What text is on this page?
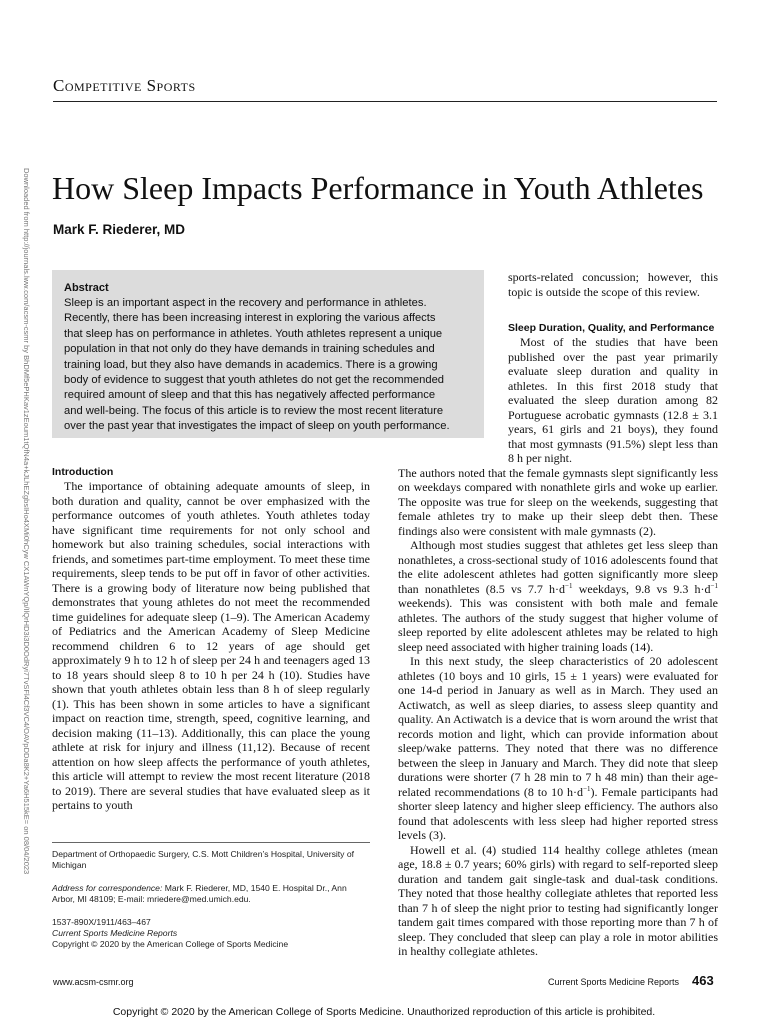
Competitive Sports
Downloaded from http://journals.lww.com/acsm-csmr by BhDMf5ePHKav1zEoum1tQfN4a+kJLhEZgbsIHo4XMi0hCyw CX1AWnYQp/IlQrHD3i3D0OdRyi7TvSFl4Cf3VC4/OAVpDDa8K2+Ya6H515kE= on 08/04/2023 How Sleep Impacts Performance in Youth Athletes
Mark F. Riederer, MD
Abstract
Sleep is an important aspect in the recovery and performance in athletes.
Recently, there has been increasing interest in exploring the various affects
that sleep has on performance in athletes. Youth athletes represent a unique
population in that not only do they have demands in training schedules and
training load, but they also have demands in academics. There is a growing
body of evidence to suggest that youth athletes do not get the recommended
required amount of sleep and that this has negatively affected performance
and well-being. The focus of this article is to review the most recent literature
over the past year that investigates the impact of sleep on youth performance.
Introduction

The importance of obtaining adequate amounts of sleep, in both duration and quality, cannot be over emphasized with the performance outcomes of youth athletes. Youth athletes today have significant time requirements for not only school and homework but also training schedules, social interactions with friends, and sometimes part-time employment. To meet these time requirements, sleep tends to be put off in favor of other activities. There is a growing body of literature now being published that demonstrates that young athletes do not meet the recommended time guidelines for adequate sleep (1–9). The American Academy of Pediatrics and the American Academy of Sleep Medicine recommend children 6 to 12 years of age should get approximately 9 h to 12 h of sleep per 24 h and teenagers aged 13 to 18 years should sleep 8 to 10 h per 24 h (10). Studies have shown that youth athletes obtain less than 8 h of sleep regularly (1). This has been shown in some articles to have a significant impact on reaction time, strength, speed, cognitive learning, and decision making (11–13). Additionally, this can place the young athlete at risk for injury and illness (11,12). Because of recent attention on how sleep affects the performance of youth athletes, this article will attempt to review the most recent literature (2018 to 2019). There are several studies that have evaluated sleep as it pertains to youth

Department of Orthopaedic Surgery, C.S. Mott Children’s Hospital, University of Michigan
Address for correspondence: Mark F. Riederer, MD, 1540 E. Hospital Dr., Ann Arbor, MI 48109; E-mail: mriedere@med.umich.edu.
1537-890X/1911/463–467
Current Sports Medicine Reports
Copyright © 2020 by the American College of Sports Medicine

sports-related concussion; however, this topic is outside the scope of this review.

Sleep Duration, Quality, and Performance

Most of the studies that have been published over the past year primarily evaluate sleep duration and quality in athletes. In this first 2018 study that evaluated the sleep duration among 82 Portuguese acrobatic gymnasts (12.8 ± 3.1 years, 61 girls and 21 boys), they found that most gymnasts (91.5%) slept less than 8 h per night.

The authors noted that the female gymnasts slept significantly less on weekdays compared with nonathlete girls and woke up earlier. The opposite was true for sleep on the weekends, suggesting that female athletes try to make up their sleep debt then. These findings also were consistent with male gymnasts (2).

Although most studies suggest that athletes get less sleep than nonathletes, a cross-sectional study of 1016 adolescents found that the elite adolescent athletes had gotten significantly more sleep than nonathletes (8.5 vs 7.7 $h\cdot d^{-1}$ weekdays, 9.8 vs 9.3 $h\cdot d^{-1}$ weekends). This was consistent with both male and female athletes. The authors of the study suggest that higher volume of sleep reported by elite adolescent athletes may be related to high sleep need associated with higher training loads (14).

In this next study, the sleep characteristics of 20 adolescent athletes (10 boys and 10 girls, 15 ± 1 years) were evaluated for one 14-d period in January as well as in March. They used an Actiwatch, as well as sleep diaries, to assess sleep quantity and quality. An Actiwatch is a device that is worn around the wrist that records motion and light, which can provide information about sleep/wake patterns. They noted that there was no difference between the sleep in January and March. They did note that sleep durations were shorter (7 h 28 min to 7 h 48 min) than their age-related recommendations (8 to 10 $h\cdot d^{-1}$). Female participants had shorter sleep latency and higher sleep efficiency. The authors also found that adolescents with less sleep had higher reported stress levels (3).

Howell et al. (4) studied 114 healthy college athletes (mean age, 18.8 ± 0.7 years; 60% girls) with regard to self-reported sleep duration and tandem gait single-task and dual-task conditions. They noted that those healthy collegiate athletes that reported less than 7 h of sleep the night prior to testing had significantly longer tandem gait times compared with those reporting more than 7 h of sleep. They concluded that sleep can play a role in motor abilities in healthy collegiate athletes.

www.acsm-csmr.org	Current Sports Medicine Reports 463
Copyright © 2020 by the American College of Sports Medicine. Unauthorized reproduction of this article is prohibited.
